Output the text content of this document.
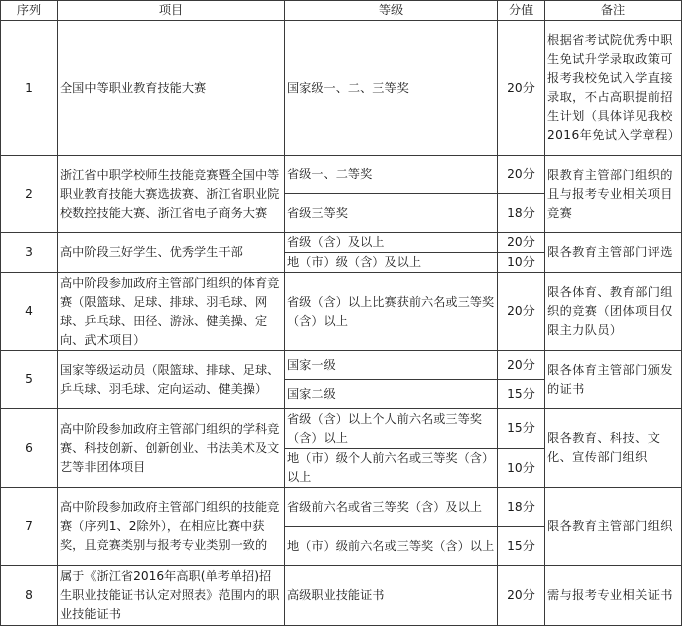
序列	项目	等级	分值	备注
1	全国中等职业教育技能大赛	国家级一、二、三等奖	20分	根据省考试院优秀中职生免试升学录取政策可报考我校免试入学直接录取，不占高职提前招生计划（具体详见我校2016年免试入学章程）
2	浙江省中职学校师生技能竞赛暨全国中等职业教育技能大赛选拔赛、浙江省职业院校数控技能大赛、浙江省电子商务大赛	省级一、二等奖	20分	限教育主管部门组织的且与报考专业相关项目竞赛
		省级三等奖	18分	
3	高中阶段三好学生、优秀学生干部	省级（含）及以上	20分	限各教育主管部门评选
		地（市）级（含）及以上	10分	
4	高中阶段参加政府主管部门组织的体育竞赛（限篮球、足球、排球、羽毛球、网球、乒乓球、田径、游泳、健美操、定向、武术项目）	省级（含）以上比赛获前六名或三等奖（含）以上	20分	限各体育、教育部门组织的竞赛（团体项目仅限主力队员）
5	国家等级运动员（限篮球、排球、足球、乒乓球、羽毛球、定向运动、健美操）	国家一级	20分	限各体育主管部门颁发的证书
		国家二级	15分	
6	高中阶段参加政府主管部门组织的学科竞赛、科技创新、创新创业、书法美术及文艺等非团体项目	省级（含）以上个人前六名或三等奖（含）以上	15分	限各教育、科技、文化、宣传部门组织
		地（市）级个人前六名或三等奖（含）以上	10分	
7	高中阶段参加政府主管部门组织的技能竞赛（序列1、2除外），在相应比赛中获奖，且竞赛类别与报考专业类别一致的	省级前六名或省三等奖（含）及以上	18分	限各教育主管部门组织
		地（市）级前六名或三等奖（含）以上	15分	
8	属于《浙江省2016年高职(单考单招)招生职业技能证书认定对照表》范围内的职业技能证书	高级职业技能证书	20分	需与报考专业相关证书
